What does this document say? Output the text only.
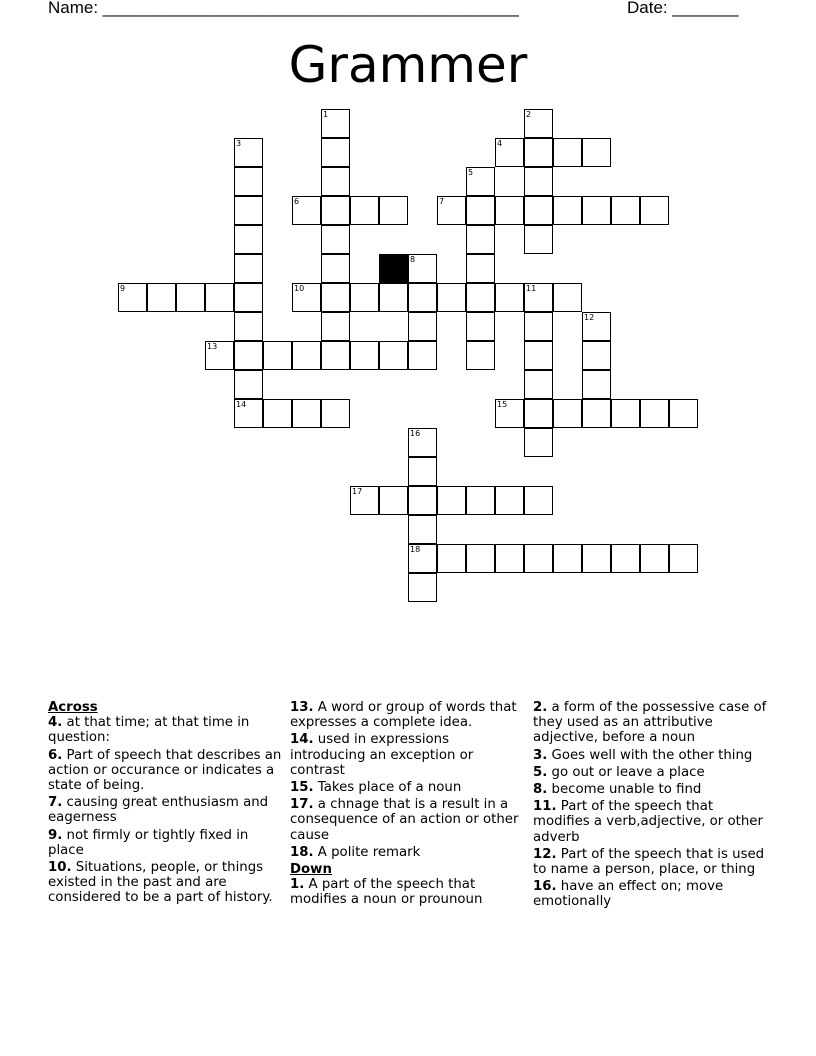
Name: ____________________________________________	Date: _______
Grammer
1	2
3
14
4
5
6	7
8
9	10	11
12
13
15
16
18
17
Across
4. at that time; at that time in question:
6. Part of speech that describes an action or occurance or indicates a state of being.
7. causing great enthusiasm and eagerness
9. not firmly or tightly fixed in place
10. Situations, people, or things existed in the past and are considered to be a part of history.
13. A word or group of words that expresses a complete idea.
14. used in expressions introducing an exception or contrast
15. Takes place of a noun
17. a chnage that is a result in a consequence of an action or other cause
18. A polite remark
Down
1. A part of the speech that modifies a noun or prounoun
2. a form of the possessive case of they used as an attributive adjective, before a noun
3. Goes well with the other thing
5. go out or leave a place
8. become unable to find
11. Part of the speech that modifies a verb,adjective, or other adverb
12. Part of the speech that is used to name a person, place, or thing
16. have an effect on; move emotionally
